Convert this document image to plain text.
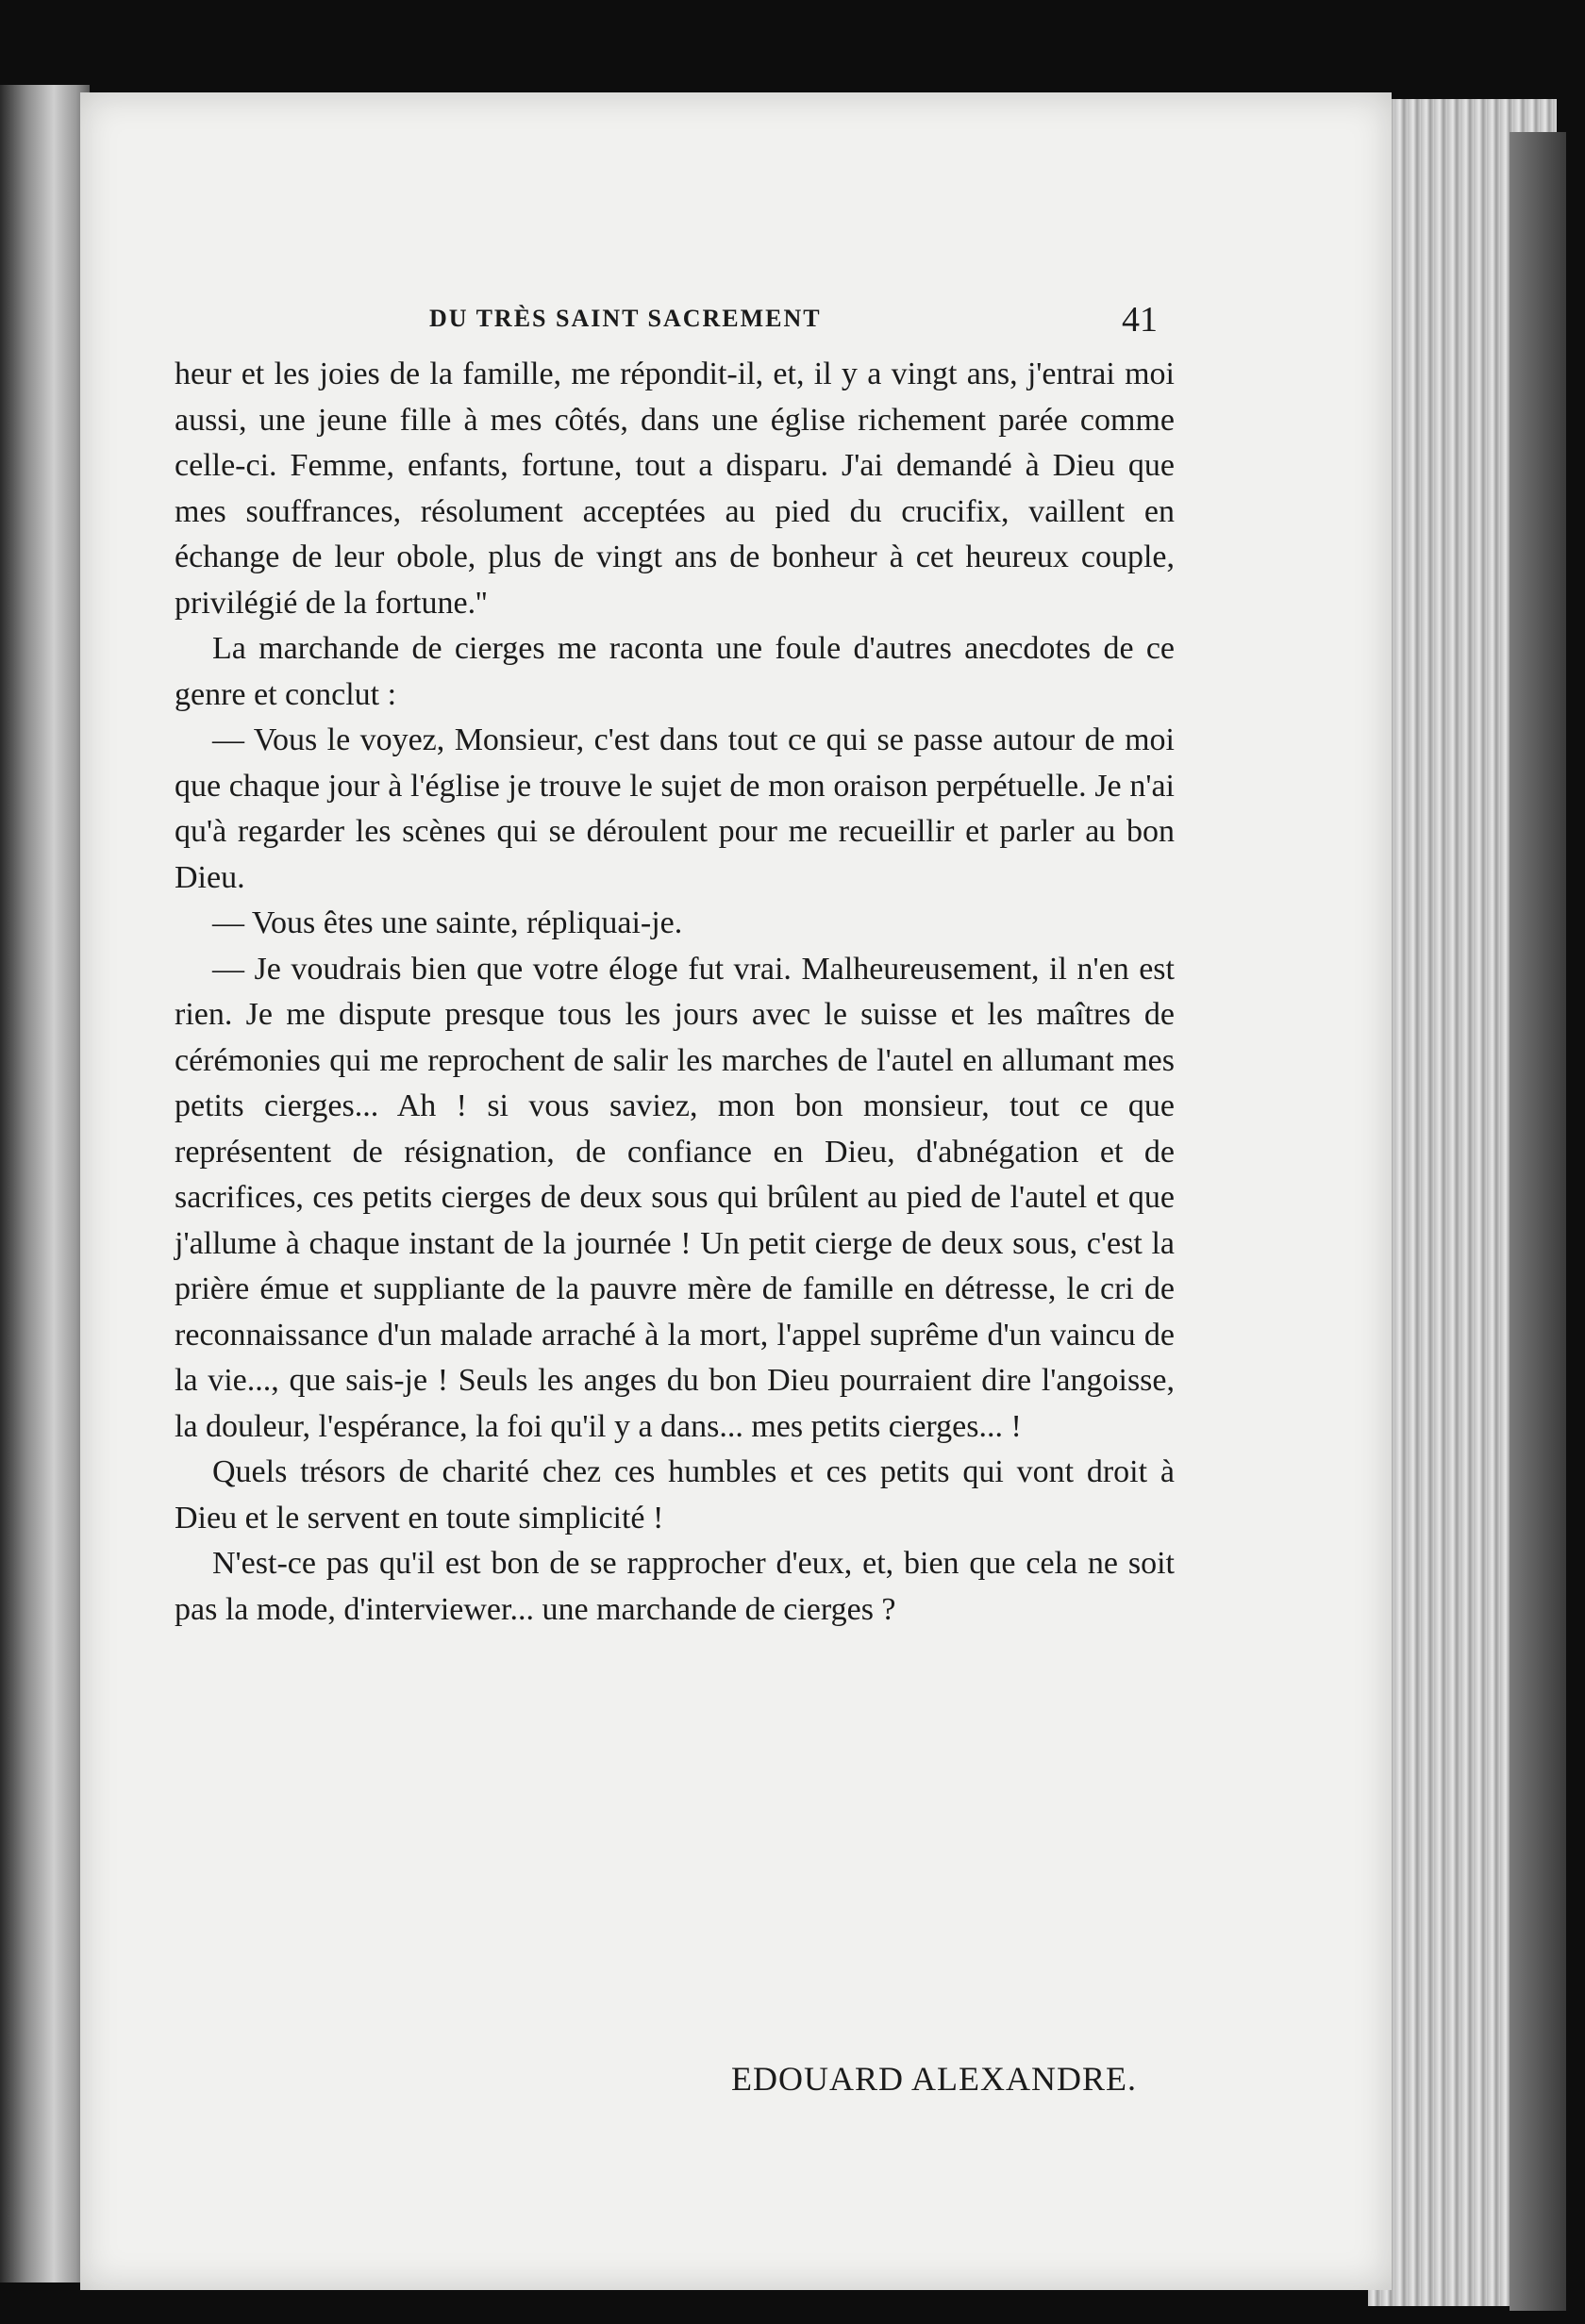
DU TRÈS SAINT SACREMENT	41

heur et les joies de la famille, me répondit-il, et, il y a vingt ans, j'entrai moi aussi, une jeune fille à mes côtés, dans une église richement parée comme celle-ci. Femme, enfants, fortune, tout a disparu. J'ai demandé à Dieu que mes souffrances, résolument acceptées au pied du crucifix, vaillent en échange de leur obole, plus de vingt ans de bonheur à cet heureux couple, privilégié de la fortune.''

La marchande de cierges me raconta une foule d'autres anecdotes de ce genre et conclut :

— Vous le voyez, Monsieur, c'est dans tout ce qui se passe autour de moi que chaque jour à l'église je trouve le sujet de mon oraison perpétuelle. Je n'ai qu'à regarder les scènes qui se déroulent pour me recueillir et parler au bon Dieu.

— Vous êtes une sainte, répliquai-je.

— Je voudrais bien que votre éloge fut vrai. Malheureusement, il n'en est rien. Je me dispute presque tous les jours avec le suisse et les maîtres de cérémonies qui me reprochent de salir les marches de l'autel en allumant mes petits cierges... Ah ! si vous saviez, mon bon monsieur, tout ce que représentent de résignation, de confiance en Dieu, d'abnégation et de sacrifices, ces petits cierges de deux sous qui brûlent au pied de l'autel et que j'allume à chaque instant de la journée ! Un petit cierge de deux sous, c'est la prière émue et suppliante de la pauvre mère de famille en détresse, le cri de reconnaissance d'un malade arraché à la mort, l'appel suprême d'un vaincu de la vie..., que sais-je ! Seuls les anges du bon Dieu pourraient dire l'angoisse, la douleur, l'espérance, la foi qu'il y a dans... mes petits cierges... !

Quels trésors de charité chez ces humbles et ces petits qui vont droit à Dieu et le servent en toute simplicité !

N'est-ce pas qu'il est bon de se rapprocher d'eux, et, bien que cela ne soit pas la mode, d'interviewer... une marchande de cierges ?

EDOUARD ALEXANDRE.
